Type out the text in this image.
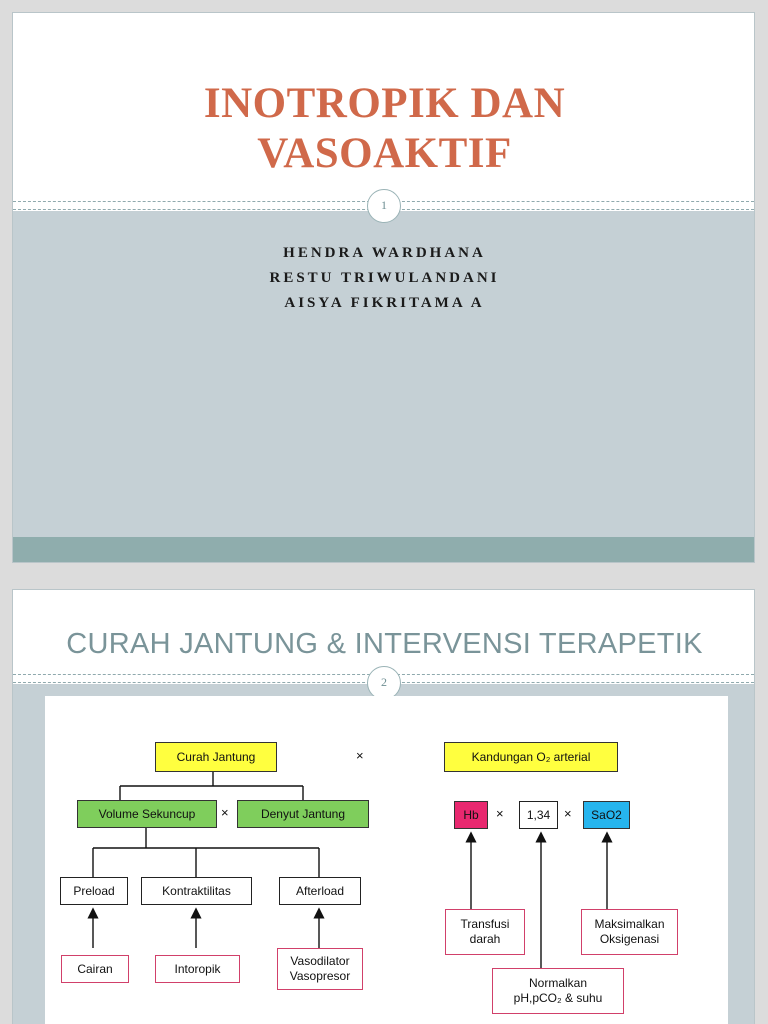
INOTROPIK DAN
VASOAKTIF
1
HENDRA WARDHANA
RESTU TRIWULANDANI
AISYA FIKRITAMA A
CURAH JANTUNG & INTERVENSI TERAPETIK
2
Curah Jantung	×
Volume Sekuncup	×	Denyut Jantung
Preload	Kontraktilitas	Afterload
Cairan	Intoropik
Vasodilator
Vasopresor
Kandungan O₂ arterial
Hb	×	1,34	×	SaO2
Transfusi
darah
Maksimalkan
Oksigenasi
Normalkan
pH,pCO₂ & suhu
